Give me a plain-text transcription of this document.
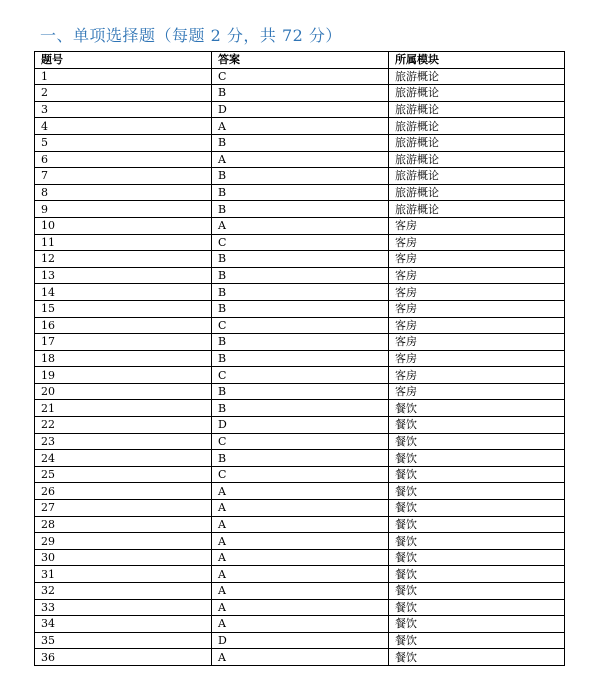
一、单项选择题（每题 2 分，共 72 分）
题号	答案	所属模块
1	C	旅游概论
2	B	旅游概论
3	D	旅游概论
4	A	旅游概论
5	B	旅游概论
6	A	旅游概论
7	B	旅游概论
8	B	旅游概论
9	B	旅游概论
10	A	客房
11	C	客房
12	B	客房
13	B	客房
14	B	客房
15	B	客房
16	C	客房
17	B	客房
18	B	客房
19	C	客房
20	B	客房
21	B	餐饮
22	D	餐饮
23	C	餐饮
24	B	餐饮
25	C	餐饮
26	A	餐饮
27	A	餐饮
28	A	餐饮
29	A	餐饮
30	A	餐饮
31	A	餐饮
32	A	餐饮
33	A	餐饮
34	A	餐饮
35	D	餐饮
36	A	餐饮
